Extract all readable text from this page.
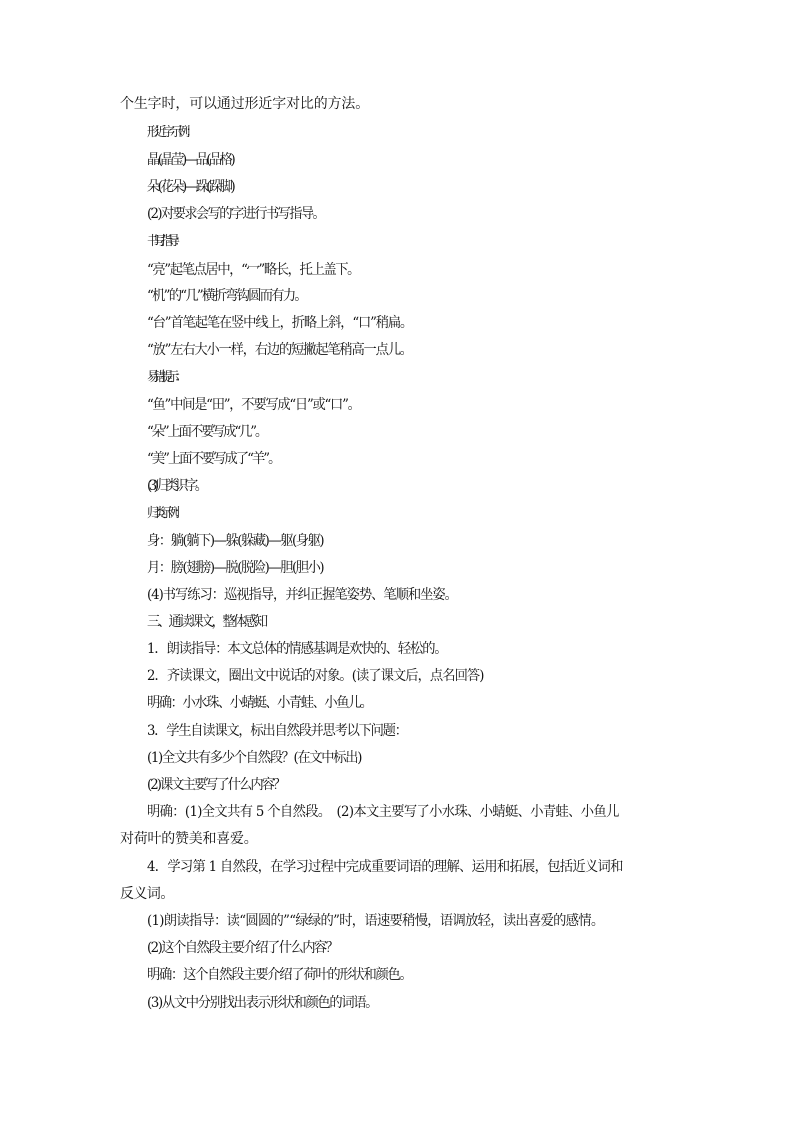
个生字时，可以通过形近字对比的方法。
形近字示例：
晶(晶莹)—品(品格)
朵(花朵)—跺(跺脚)
(2)对要求会写的字进行书写指导。
书写指导：
“亮”起笔点居中，“冖”略长，托上盖下。
“机”的“几”横折弯钩圆而有力。
“台”首笔起笔在竖中线上，折略上斜，“口”稍扁。
“放”左右大小一样，右边的短撇起笔稍高一点儿。
易错提示：
“鱼”中间是“田”，不要写成“日”或“口”。
“朵”上面不要写成“几”。
“美”上面不要写成了“羊”。
(3)归类识字。
归类示例：
身：躺(躺下)—躲(躲藏)—躯(身躯)
月：膀(翅膀)—脱(脱险)—胆(胆小)
(4)书写练习：巡视指导，并纠正握笔姿势、笔顺和坐姿。
三、通读课文，整体感知
1．朗读指导：本文总体的情感基调是欢快的、轻松的。
2．齐读课文，圈出文中说话的对象。(读了课文后，点名回答)
明确：小水珠、小蜻蜓、小青蛙、小鱼儿。
3．学生自读课文，标出自然段并思考以下问题：
(1)全文共有多少个自然段？(在文中标出)
(2)课文主要写了什么内容？
明确：(1)全文共有 5 个自然段。　(2)本文主要写了小水珠、小蜻蜓、小青蛙、小鱼儿
对荷叶的赞美和喜爱。
4．学习第 1 自然段，在学习过程中完成重要词语的理解、运用和拓展，包括近义词和
反义词。
(1)朗读指导：读“圆圆的”“绿绿的”时，语速要稍慢，语调放轻，读出喜爱的感情。
(2)这个自然段主要介绍了什么内容？
明确：这个自然段主要介绍了荷叶的形状和颜色。
(3)从文中分别找出表示形状和颜色的词语。
